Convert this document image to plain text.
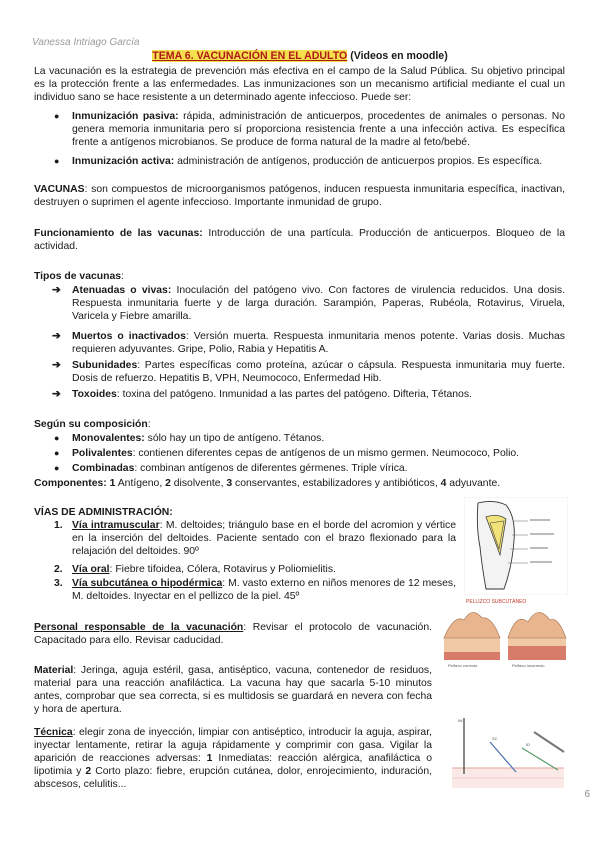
Vanessa Intriago García
TEMA 6. VACUNACIÓN EN EL ADULTO (Videos en moodle)
La vacunación es la estrategia de prevención más efectiva en el campo de la Salud Pública. Su objetivo principal es la protección frente a las enfermedades. Las inmunizaciones son un mecanismo artificial mediante el cual un individuo sano se hace resistente a un determinado agente infeccioso. Puede ser:
● Inmunización pasiva: rápida, administración de anticuerpos, procedentes de animales o personas. No genera memoria inmunitaria pero sí proporciona resistencia frente a una infección activa. Es específica frente a antígenos microbianos. Se produce de forma natural de la madre al feto/bebé.
● Inmunización activa: administración de antígenos, producción de anticuerpos propios. Es específica.
VACUNAS: son compuestos de microorganismos patógenos, inducen respuesta inmunitaria específica, inactivan, destruyen o suprimen el agente infeccioso. Importante inmunidad de grupo.
Funcionamiento de las vacunas: Introducción de una partícula. Producción de anticuerpos. Bloqueo de la actividad.
Tipos de vacunas:
➔ Atenuadas o vivas: Inoculación del patógeno vivo. Con factores de virulencia reducidos. Una dosis. Respuesta inmunitaria fuerte y de larga duración. Sarampión, Paperas, Rubéola, Rotavirus, Viruela, Varicela y Fiebre amarilla.
➔ Muertos o inactivados: Versión muerta. Respuesta inmunitaria menos potente. Varias dosis. Muchas requieren adyuvantes. Gripe, Polio, Rabia y Hepatitis A.
➔ Subunidades: Partes específicas como proteína, azúcar o cápsula. Respuesta inmunitaria muy fuerte. Dosis de refuerzo. Hepatitis B, VPH, Neumococo, Enfermedad Hib.
➔ Toxoides: toxina del patógeno. Inmunidad a las partes del patógeno. Difteria, Tétanos.
Según su composición:
● Monovalentes: sólo hay un tipo de antígeno. Tétanos.
● Polivalentes: contienen diferentes cepas de antígenos de un mismo germen. Neumococo, Polio.
● Combinadas: combinan antígenos de diferentes gérmenes. Triple vírica.
Componentes: 1 Antígeno, 2 disolvente, 3 conservantes, estabilizadores y antibióticos, 4 adyuvante.
VÍAS DE ADMINISTRACIÓN:
1. Vía intramuscular: M. deltoides; triángulo base en el borde del acromion y vértice en la inserción del deltoides. Paciente sentado con el brazo flexionado para la relajación del deltoides. 90º
2. Vía oral: Fiebre tifoidea, Cólera, Rotavirus y Poliomielitis.
3. Vía subcutánea o hipodérmica: M. vasto externo en niños menores de 12 meses, M. deltoides. Inyectar en el pellizco de la piel. 45º
Personal responsable de la vacunación: Revisar el protocolo de vacunación. Capacitado para ello. Revisar caducidad.
Material: Jeringa, aguja estéril, gasa, antiséptico, vacuna, contenedor de residuos, material para una reacción anafiláctica. La vacuna hay que sacarla 5-10 minutos antes, comprobar que sea correcta, si es multidosis se guardará en nevera con fecha y hora de apertura.
Técnica: elegir zona de inyección, limpiar con antiséptico, introducir la aguja, aspirar, inyectar lentamente, retirar la aguja rápidamente y comprimir con gasa. Vigilar la aparición de reacciones adversas: 1 Inmediatas: reacción alérgica, anafiláctica o lipotimia y 2 Corto plazo: fiebre, erupción cutánea, dolor, enrojecimiento, induración, abscesos, celulitis...
PELLIZCO SUBCUTÁNEO
Pellizco correcto	Pellizco incorrecto
IM
SC
ID
6
